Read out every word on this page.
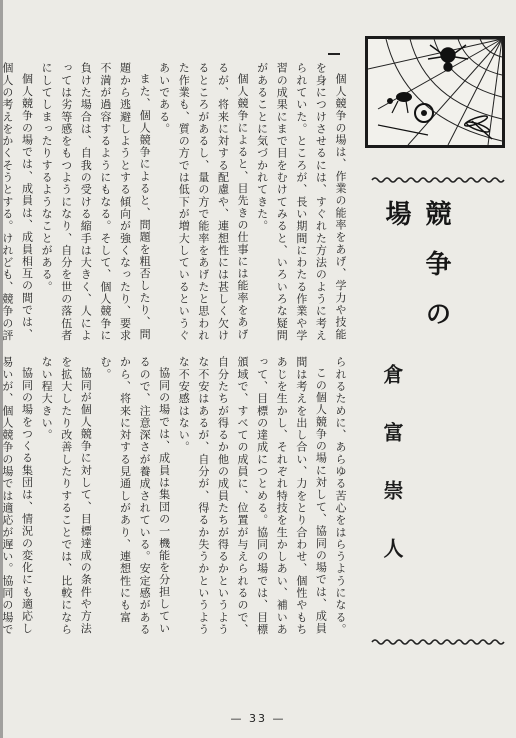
個人競争の場は、作業の能率をあげ、学力や技能を身につけさせるには、すぐれた方法のように考えられていた。ところが、長い期間にわたる作業や学習の成果にまで目をむけてみると、いろいろな疑問があることに気づかれてきた。

個人競争によると、目先きの仕事には能率をあげるが、将来に対する配慮や、連想性には甚しく欠けるところがあるし、量の方で能率をあげたと思われた作業も、質の方では低下が増大しているというぐあいである。

また、個人競争によると、問題を粗否したり、問題から逃避しようとする傾向が強くなったり、要求不満が過容するようにもなる。そして、個人競争に負けた場合は、自我の受ける縮手は大きく、人によっては劣等感をもつようになり、自分を世の落伍者にしてしまったりするようなことがある。

個人競争の場では、成員は、成員相互の間では、個人の考えをかくそうとする。けれども、競争の評

られるために、あらゆる苦心をはらうようになる。

この個人競争の場に対して、協同の場では、成員間は考えを出し合い、力をとり合わせ、個性やもちあじを生かし、それぞれ特技を生かしあい、補いあって、目標の達成につとめる。協同の場では、目標頒域で、すべての成員に、位置が与えられるので、自分たちが得るか他の成員たちが得るかというような不安はあるが、自分が、得るか失うかというような不安感はない。

協同の場では、成員は集団の一機能を分担しているので、注意深さが養成されている。安定感があるから、将来に対する見通しがあり、連想性にも富む。

協同が個人競争に対して、目標達成の条件や方法を拡大したり改善したりすることでは、比較にならない程大きい。

協同の場をつくる集団は、情況の変化にも適応し易いが、個人競争の場では適応が遅い。協同の場で

競争の場
倉富崇人
— 33 —
